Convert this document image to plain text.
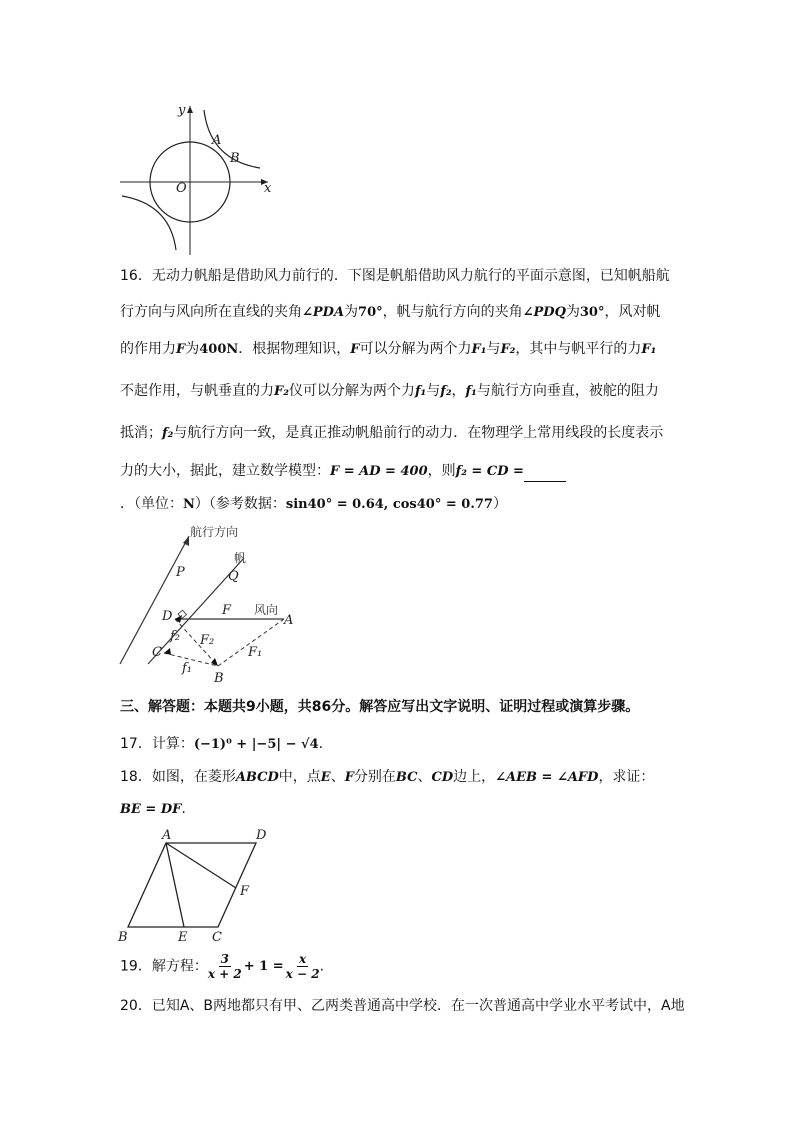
y
A
B
O	x
16．无动力帆船是借助风力前行的．下图是帆船借助风力航行的平面示意图，已知帆船航
行方向与风向所在直线的夹角∠PDA为70°，帆与航行方向的夹角∠PDQ为30°，风对帆
的作用力F为400N．根据物理知识，F可以分解为两个力F₁与F₂，其中与帆平行的力F₁
不起作用，与帆垂直的力F₂仪可以分解为两个力f₁与f₂，f₁与航行方向垂直，被舵的阻力
抵消；f₂与航行方向一致，是真正推动帆船前行的动力．在物理学上常用线段的长度表示
力的大小，据此，建立数学模型：F = AD = 400，则f₂ = CD =
．（单位：N）（参考数据：sin40° = 0.64, cos40° = 0.77）
航行方向
帆
风向
P	Q
D	F
A
f₂ F₂
C	F₁
f₁
B
三、解答题：本题共9小题，共86分。解答应写出文字说明、证明过程或演算步骤。
17．计算：(−1)⁰ + |−5| − √4.
18．如图，在菱形ABCD中，点E、F分别在BC、CD边上，∠AEB = ∠AFD，求证：
BE = DF.
A	D
F
B	E C
19．解方程： $\frac{3}{x + 2} + 1 = \frac{x}{x - 2}$ .
20．已知A、B两地都只有甲、乙两类普通高中学校．在一次普通高中学业水平考试中，A地
